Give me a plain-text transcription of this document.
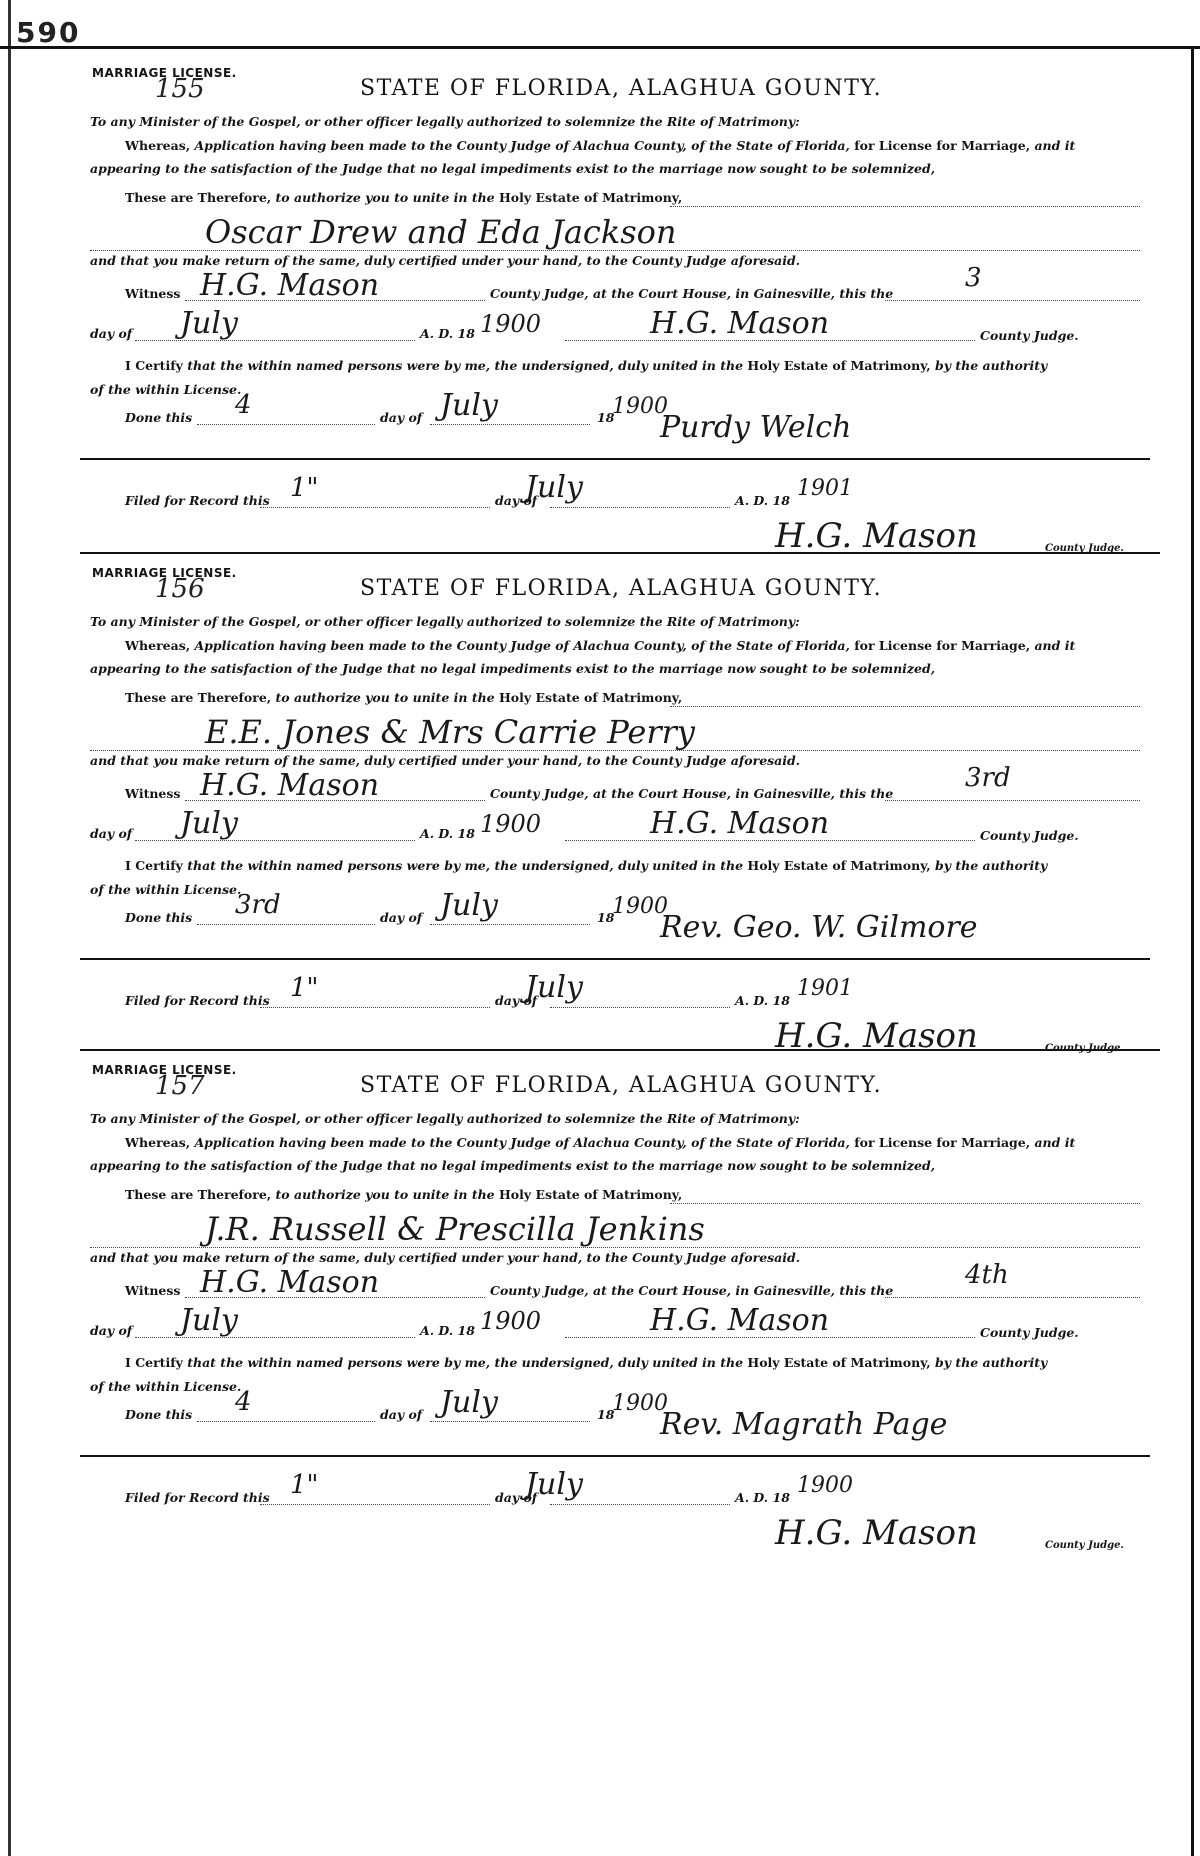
590
MARRIAGE LICENSE.
155	STATE OF FLORIDA, ALAGHUA GOUNTY.
To any Minister of the Gospel, or other officer legally authorized to solemnize the Rite of Matrimony:
Whereas, Application having been made to the County Judge of Alachua County, of the State of Florida, for License for Marriage, and it
appearing to the satisfaction of the Judge that no legal impediments exist to the marriage now sought to be solemnized,
These are Therefore, to authorize you to unite in the Holy Estate of Matrimony,
Oscar Drew and Eda Jackson
and that you make return of the same, duly certified under your hand, to the County Judge aforesaid.
Witness H.G. Mason	County Judge, at the Court House, in Gainesville, this the
3
day of July	A. D. 18 1900	H.G. Mason	County Judge.
I Certify that the within named persons were by me, the undersigned, duly united in the Holy Estate of Matrimony, by the authority
of the within License.
Done this 4	day of July	18
1900
Purdy Welch
Filed for Record this 1"	day of
July	A. D. 18 1901
H.G. Mason	County Judge.
MARRIAGE LICENSE.
156	STATE OF FLORIDA, ALAGHUA GOUNTY.
To any Minister of the Gospel, or other officer legally authorized to solemnize the Rite of Matrimony:
Whereas, Application having been made to the County Judge of Alachua County, of the State of Florida, for License for Marriage, and it
appearing to the satisfaction of the Judge that no legal impediments exist to the marriage now sought to be solemnized,
These are Therefore, to authorize you to unite in the Holy Estate of Matrimony,
E.E. Jones & Mrs Carrie Perry
and that you make return of the same, duly certified under your hand, to the County Judge aforesaid.
Witness H.G. Mason	County Judge, at the Court House, in Gainesville, this the
3rd
day of July	A. D. 18 1900	H.G. Mason	County Judge.
I Certify that the within named persons were by me, the undersigned, duly united in the Holy Estate of Matrimony, by the authority
of the within License.
Done this 3rd	day of July	18
1900
Rev. Geo. W. Gilmore
Filed for Record this 1"	day of
July	A. D. 18 1901
H.G. Mason	County Judge.
MARRIAGE LICENSE.
157	STATE OF FLORIDA, ALAGHUA GOUNTY.
To any Minister of the Gospel, or other officer legally authorized to solemnize the Rite of Matrimony:
Whereas, Application having been made to the County Judge of Alachua County, of the State of Florida, for License for Marriage, and it
appearing to the satisfaction of the Judge that no legal impediments exist to the marriage now sought to be solemnized,
These are Therefore, to authorize you to unite in the Holy Estate of Matrimony,
J.R. Russell & Prescilla Jenkins
and that you make return of the same, duly certified under your hand, to the County Judge aforesaid.
Witness H.G. Mason	County Judge, at the Court House, in Gainesville, this the
4th
day of July	A. D. 18 1900	H.G. Mason	County Judge.
I Certify that the within named persons were by me, the undersigned, duly united in the Holy Estate of Matrimony, by the authority
of the within License.
Done this 4	day of July	18
1900
Rev. Magrath Page
Filed for Record this 1"	day of
July	A. D. 18 1900
H.G. Mason	County Judge.
